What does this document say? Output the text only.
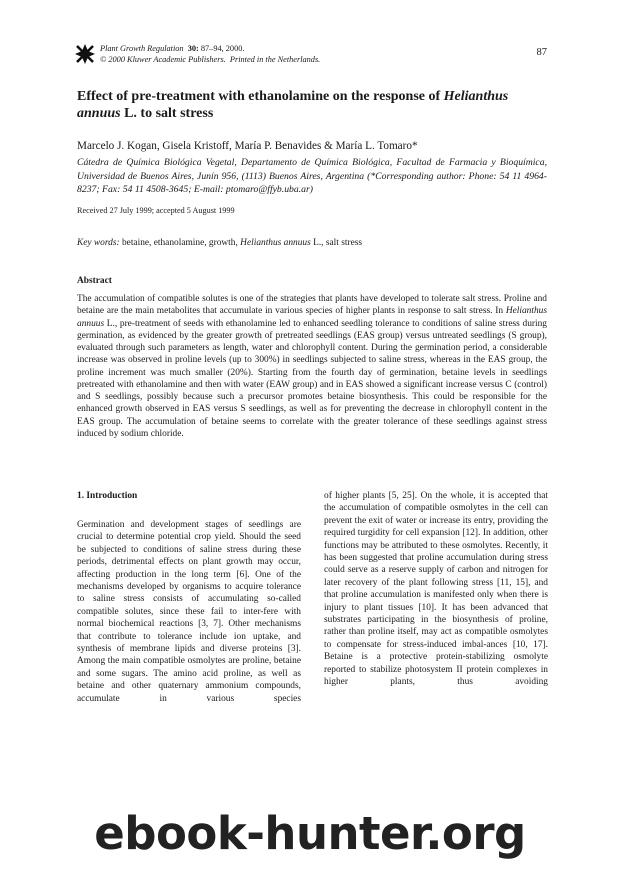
Plant Growth Regulation 30: 87–94, 2000.
© 2000 Kluwer Academic Publishers. Printed in the Netherlands.
87
Effect of pre-treatment with ethanolamine on the response of Helianthus annuus L. to salt stress
Marcelo J. Kogan, Gisela Kristoff, María P. Benavides & María L. Tomaro*
Cátedra de Química Biológica Vegetal, Departamento de Química Biológica, Facultad de Farmacia y Bioquímica, Universidad de Buenos Aires, Junín 956, (1113) Buenos Aires, Argentina (*Corresponding author: Phone: 54 11 4964-8237; Fax: 54 11 4508-3645; E-mail: ptomaro@ffyb.uba.ar)
Received 27 July 1999; accepted 5 August 1999
Key words: betaine, ethanolamine, growth, Helianthus annuus L., salt stress
Abstract

The accumulation of compatible solutes is one of the strategies that plants have developed to tolerate salt stress. Proline and betaine are the main metabolites that accumulate in various species of higher plants in response to salt stress. In Helianthus annuus L., pre-treatment of seeds with ethanolamine led to enhanced seedling tolerance to conditions of saline stress during germination, as evidenced by the greater growth of pretreated seedlings (EAS group) versus untreated seedlings (S group), evaluated through such parameters as length, water and chlorophyll content. During the germination period, a considerable increase was observed in proline levels (up to 300%) in seedlings subjected to saline stress, whereas in the EAS group, the proline increment was much smaller (20%). Starting from the fourth day of germination, betaine levels in seedlings pretreated with ethanolamine and then with water (EAW group) and in EAS showed a significant increase versus C (control) and S seedlings, possibly because such a precursor promotes betaine biosynthesis. This could be responsible for the enhanced growth observed in EAS versus S seedlings, as well as for preventing the decrease in chlorophyll content in the EAS group. The accumulation of betaine seems to correlate with the greater tolerance of these seedlings against stress induced by sodium chloride.

1. Introduction

Germination and development stages of seedlings are crucial to determine potential crop yield. Should the seed be subjected to conditions of saline stress during these periods, detrimental effects on plant growth may occur, affecting production in the long term [6]. One of the mechanisms developed by organisms to acquire tolerance to saline stress consists of accumulating so-called compatible solutes, since these fail to inter-fere with normal biochemical reactions [3, 7]. Other mechanisms that contribute to tolerance include ion uptake, and synthesis of membrane lipids and diverse proteins [3]. Among the main compatible osmolytes are proline, betaine and some sugars. The amino acid proline, as well as betaine and other quaternary ammonium compounds, accumulate in various species

of higher plants [5, 25]. On the whole, it is accepted that the accumulation of compatible osmolytes in the cell can prevent the exit of water or increase its entry, providing the required turgidity for cell expansion [12]. In addition, other functions may be attributed to these osmolytes. Recently, it has been suggested that proline accumulation during stress could serve as a reserve supply of carbon and nitrogen for later recovery of the plant following stress [11, 15], and that proline accumulation is manifested only when there is injury to plant tissues [10]. It has been advanced that substrates participating in the biosynthesis of proline, rather than proline itself, may act as compatible osmolytes to compensate for stress-induced imbal-ances [10, 17]. Betaine is a protective protein-stabilizing osmolyte reported to stabilize photosystem II protein complexes in higher plants, thus avoiding

ebook-hunter.org
